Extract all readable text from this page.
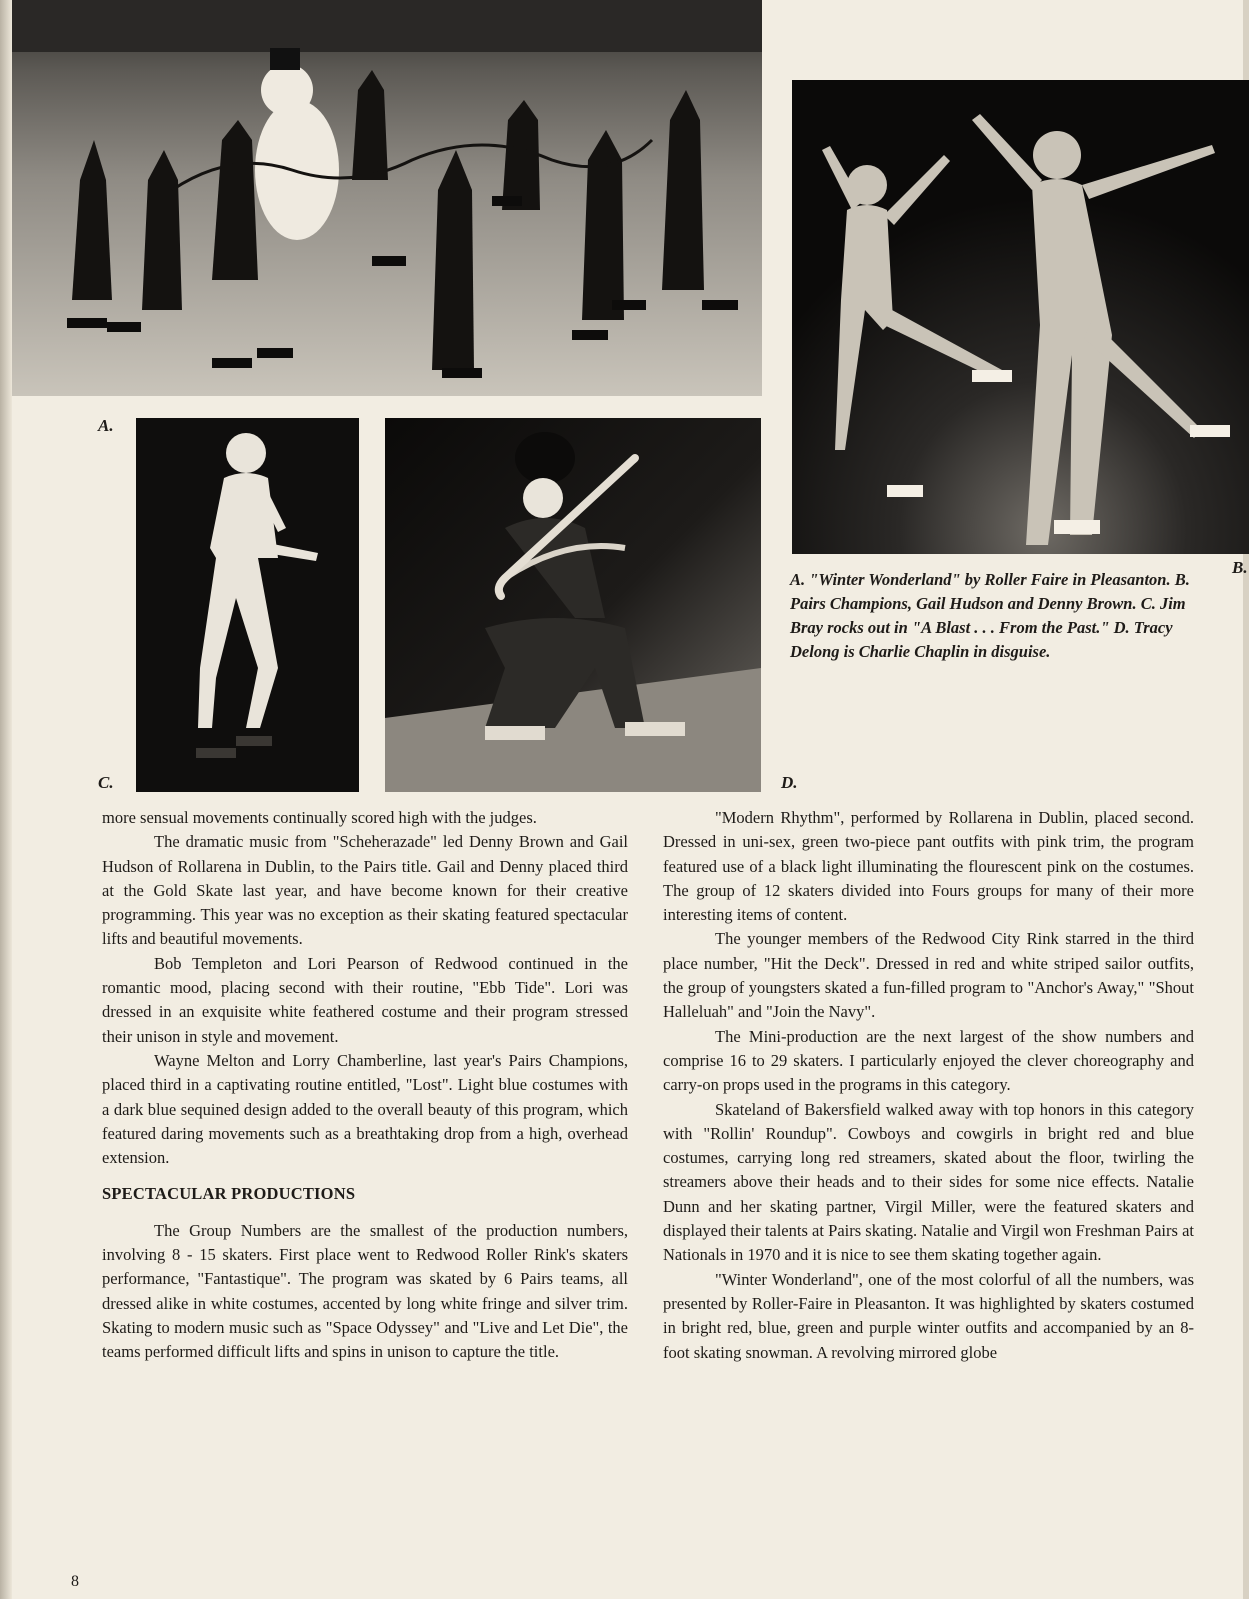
A.
B.
C.	D.

A. "Winter Wonderland" by Roller Faire in Pleasanton. B. Pairs Champions, Gail Hudson and Denny Brown. C. Jim Bray rocks out in "A Blast . . . From the Past." D. Tracy Delong is Charlie Chaplin in disguise.

more sensual movements continually scored high with the judges.

The dramatic music from "Scheherazade" led Denny Brown and Gail Hudson of Rollarena in Dublin, to the Pairs title. Gail and Denny placed third at the Gold Skate last year, and have become known for their creative programming. This year was no exception as their skating featured spectacular lifts and beautiful movements.

Bob Templeton and Lori Pearson of Redwood continued in the romantic mood, placing second with their routine, "Ebb Tide". Lori was dressed in an exquisite white feathered costume and their program stressed their unison in style and movement.

Wayne Melton and Lorry Chamberline, last year's Pairs Champions, placed third in a captivating routine entitled, "Lost". Light blue costumes with a dark blue sequined design added to the overall beauty of this program, which featured daring movements such as a breathtaking drop from a high, overhead extension.

SPECTACULAR PRODUCTIONS

The Group Numbers are the smallest of the production numbers, involving 8 - 15 skaters. First place went to Redwood Roller Rink's skaters performance, "Fantastique". The program was skated by 6 Pairs teams, all dressed alike in white costumes, accented by long white fringe and silver trim. Skating to modern music such as "Space Odyssey" and "Live and Let Die", the teams performed difficult lifts and spins in unison to capture the title.

"Modern Rhythm", performed by Rollarena in Dublin, placed second. Dressed in uni-sex, green two-piece pant outfits with pink trim, the program featured use of a black light illuminating the flourescent pink on the costumes. The group of 12 skaters divided into Fours groups for many of their more interesting items of content.

The younger members of the Redwood City Rink starred in the third place number, "Hit the Deck". Dressed in red and white striped sailor outfits, the group of youngsters skated a fun-filled program to "Anchor's Away," "Shout Halleluah" and "Join the Navy".

The Mini-production are the next largest of the show numbers and comprise 16 to 29 skaters. I particularly enjoyed the clever choreography and carry-on props used in the programs in this category.

Skateland of Bakersfield walked away with top honors in this category with "Rollin' Roundup". Cowboys and cowgirls in bright red and blue costumes, carrying long red streamers, skated about the floor, twirling the streamers above their heads and to their sides for some nice effects. Natalie Dunn and her skating partner, Virgil Miller, were the featured skaters and displayed their talents at Pairs skating. Natalie and Virgil won Freshman Pairs at Nationals in 1970 and it is nice to see them skating together again.

"Winter Wonderland", one of the most colorful of all the numbers, was presented by Roller-Faire in Pleasanton. It was highlighted by skaters costumed in bright red, blue, green and purple winter outfits and accompanied by an 8-foot skating snowman. A revolving mirrored globe

8
